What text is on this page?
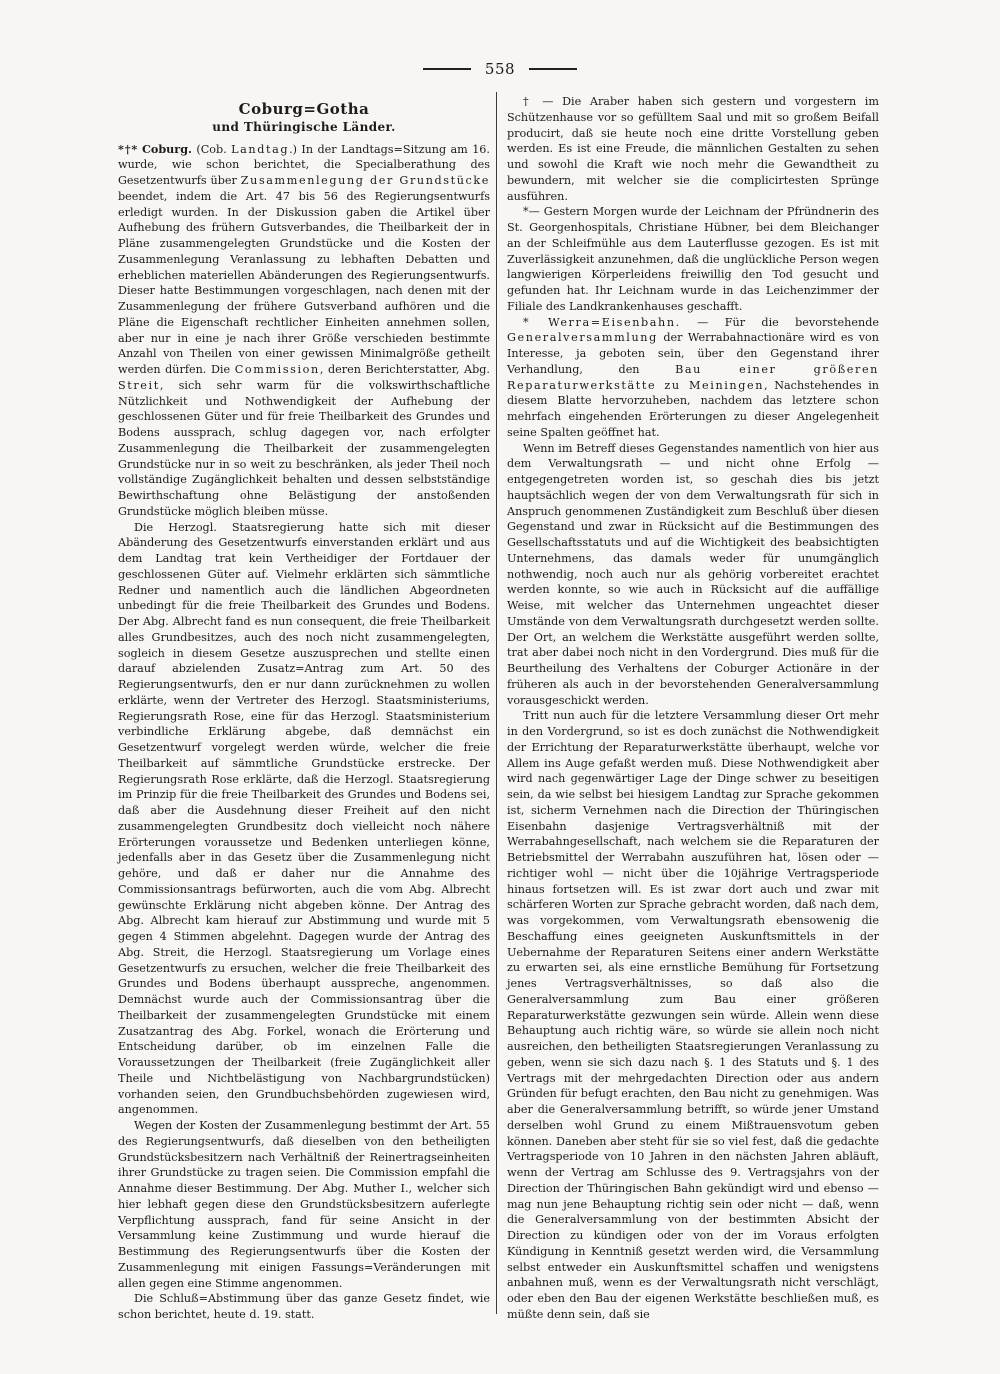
558
Coburg=Gotha
und Thüringische Länder.

*†* Coburg. (Cob. Landtag.) In der Landtags=Sitzung am 16. wurde, wie schon berichtet, die Specialberathung des Gesetzentwurfs über Zusammenlegung der Grundstücke beendet, indem die Art. 47 bis 56 des Regierungsentwurfs erledigt wurden. In der Diskussion gaben die Artikel über Aufhebung des frühern Gutsverbandes, die Theilbarkeit der in Pläne zusammengelegten Grundstücke und die Kosten der Zusammenlegung Veranlassung zu lebhaften Debatten und erheblichen materiellen Abänderungen des Regierungsentwurfs. Dieser hatte Bestimmungen vorgeschlagen, nach denen mit der Zusammenlegung der frühere Gutsverband aufhören und die Pläne die Eigenschaft rechtlicher Einheiten annehmen sollen, aber nur in eine je nach ihrer Größe verschieden bestimmte Anzahl von Theilen von einer gewissen Minimalgröße getheilt werden dürfen. Die Commission, deren Berichterstatter, Abg. Streit, sich sehr warm für die volkswirthschaftliche Nützlichkeit und Nothwendigkeit der Aufhebung der geschlossenen Güter und für freie Theilbarkeit des Grundes und Bodens aussprach, schlug dagegen vor, nach erfolgter Zusammenlegung die Theilbarkeit der zusammengelegten Grundstücke nur in so weit zu beschränken, als jeder Theil noch vollständige Zugänglichkeit behalten und dessen selbstständige Bewirthschaftung ohne Belästigung der anstoßenden Grundstücke möglich bleiben müsse.

Die Herzogl. Staatsregierung hatte sich mit dieser Abänderung des Gesetzentwurfs einverstanden erklärt und aus dem Landtag trat kein Vertheidiger der Fortdauer der geschlossenen Güter auf. Vielmehr erklärten sich sämmtliche Redner und namentlich auch die ländlichen Abgeordneten unbedingt für die freie Theilbarkeit des Grundes und Bodens. Der Abg. Albrecht fand es nun consequent, die freie Theilbarkeit alles Grundbesitzes, auch des noch nicht zusammengelegten, sogleich in diesem Gesetze auszusprechen und stellte einen darauf abzielenden Zusatz=Antrag zum Art. 50 des Regierungsentwurfs, den er nur dann zurücknehmen zu wollen erklärte, wenn der Vertreter des Herzogl. Staatsministeriums, Regierungsrath Rose, eine für das Herzogl. Staatsministerium verbindliche Erklärung abgebe, daß demnächst ein Gesetzentwurf vorgelegt werden würde, welcher die freie Theilbarkeit auf sämmtliche Grundstücke erstrecke. Der Regierungsrath Rose erklärte, daß die Herzogl. Staatsregierung im Prinzip für die freie Theilbarkeit des Grundes und Bodens sei, daß aber die Ausdehnung dieser Freiheit auf den nicht zusammengelegten Grundbesitz doch vielleicht noch nähere Erörterungen voraussetze und Bedenken unterliegen könne, jedenfalls aber in das Gesetz über die Zusammenlegung nicht gehöre, und daß er daher nur die Annahme des Commissionsantrags befürworten, auch die vom Abg. Albrecht gewünschte Erklärung nicht abgeben könne. Der Antrag des Abg. Albrecht kam hierauf zur Abstimmung und wurde mit 5 gegen 4 Stimmen abgelehnt. Dagegen wurde der Antrag des Abg. Streit, die Herzogl. Staatsregierung um Vorlage eines Gesetzentwurfs zu ersuchen, welcher die freie Theilbarkeit des Grundes und Bodens überhaupt ausspreche, angenommen. Demnächst wurde auch der Commissionsantrag über die Theilbarkeit der zusammengelegten Grundstücke mit einem Zusatzantrag des Abg. Forkel, wonach die Erörterung und Entscheidung darüber, ob im einzelnen Falle die Voraussetzungen der Theilbarkeit (freie Zugänglichkeit aller Theile und Nichtbelästigung von Nachbargrundstücken) vorhanden seien, den Grundbuchsbehörden zugewiesen wird, angenommen.

Wegen der Kosten der Zusammenlegung bestimmt der Art. 55 des Regierungsentwurfs, daß dieselben von den betheiligten Grundstücksbesitzern nach Verhältniß der Reinertragseinheiten ihrer Grundstücke zu tragen seien. Die Commission empfahl die Annahme dieser Bestimmung. Der Abg. Muther I., welcher sich hier lebhaft gegen diese den Grundstücksbesitzern auferlegte Verpflichtung aussprach, fand für seine Ansicht in der Versammlung keine Zustimmung und wurde hierauf die Bestimmung des Regierungsentwurfs über die Kosten der Zusammenlegung mit einigen Fassungs=Veränderungen mit allen gegen eine Stimme angenommen.

Die Schluß=Abstimmung über das ganze Gesetz findet, wie schon berichtet, heute d. 19. statt.

† — Die Araber haben sich gestern und vorgestern im Schützenhause vor so gefülltem Saal und mit so großem Beifall producirt, daß sie heute noch eine dritte Vorstellung geben werden. Es ist eine Freude, die männlichen Gestalten zu sehen und sowohl die Kraft wie noch mehr die Gewandtheit zu bewundern, mit welcher sie die complicirtesten Sprünge ausführen.

*— Gestern Morgen wurde der Leichnam der Pfründnerin des St. Georgenhospitals, Christiane Hübner, bei dem Bleichanger an der Schleifmühle aus dem Lauterflusse gezogen. Es ist mit Zuverlässigkeit anzunehmen, daß die unglückliche Person wegen langwierigen Körperleidens freiwillig den Tod gesucht und gefunden hat. Ihr Leichnam wurde in das Leichenzimmer der Filiale des Landkrankenhauses geschafft.

* Werra=Eisenbahn. — Für die bevorstehende Generalversammlung der Werrabahnactionäre wird es von Interesse, ja geboten sein, über den Gegenstand ihrer Verhandlung, den Bau einer größeren Reparaturwerkstätte zu Meiningen, Nachstehendes in diesem Blatte hervorzuheben, nachdem das letztere schon mehrfach eingehenden Erörterungen zu dieser Angelegenheit seine Spalten geöffnet hat.

Wenn im Betreff dieses Gegenstandes namentlich von hier aus dem Verwaltungsrath — und nicht ohne Erfolg — entgegengetreten worden ist, so geschah dies bis jetzt hauptsächlich wegen der von dem Verwaltungsrath für sich in Anspruch genommenen Zuständigkeit zum Beschluß über diesen Gegenstand und zwar in Rücksicht auf die Bestimmungen des Gesellschaftsstatuts und auf die Wichtigkeit des beabsichtigten Unternehmens, das damals weder für unumgänglich nothwendig, noch auch nur als gehörig vorbereitet erachtet werden konnte, so wie auch in Rücksicht auf die auffällige Weise, mit welcher das Unternehmen ungeachtet dieser Umstände von dem Verwaltungsrath durchgesetzt werden sollte. Der Ort, an welchem die Werkstätte ausgeführt werden sollte, trat aber dabei noch nicht in den Vordergrund. Dies muß für die Beurtheilung des Verhaltens der Coburger Actionäre in der früheren als auch in der bevorstehenden Generalversammlung vorausgeschickt werden.

Tritt nun auch für die letztere Versammlung dieser Ort mehr in den Vordergrund, so ist es doch zunächst die Nothwendigkeit der Errichtung der Reparaturwerkstätte überhaupt, welche vor Allem ins Auge gefaßt werden muß. Diese Nothwendigkeit aber wird nach gegenwärtiger Lage der Dinge schwer zu beseitigen sein, da wie selbst bei hiesigem Landtag zur Sprache gekommen ist, sicherm Vernehmen nach die Direction der Thüringischen Eisenbahn dasjenige Vertragsverhältniß mit der Werrabahngesellschaft, nach welchem sie die Reparaturen der Betriebsmittel der Werrabahn auszuführen hat, lösen oder — richtiger wohl — nicht über die 10jährige Vertragsperiode hinaus fortsetzen will. Es ist zwar dort auch und zwar mit schärferen Worten zur Sprache gebracht worden, daß nach dem, was vorgekommen, vom Verwaltungsrath ebensowenig die Beschaffung eines geeigneten Auskunftsmittels in der Uebernahme der Reparaturen Seitens einer andern Werkstätte zu erwarten sei, als eine ernstliche Bemühung für Fortsetzung jenes Vertragsverhältnisses, so daß also die Generalversammlung zum Bau einer größeren Reparaturwerkstätte gezwungen sein würde. Allein wenn diese Behauptung auch richtig wäre, so würde sie allein noch nicht ausreichen, den betheiligten Staatsregierungen Veranlassung zu geben, wenn sie sich dazu nach §. 1 des Statuts und §. 1 des Vertrags mit der mehrgedachten Direction oder aus andern Gründen für befugt erachten, den Bau nicht zu genehmigen. Was aber die Generalversammlung betrifft, so würde jener Umstand derselben wohl Grund zu einem Mißtrauensvotum geben können. Daneben aber steht für sie so viel fest, daß die gedachte Vertragsperiode von 10 Jahren in den nächsten Jahren abläuft, wenn der Vertrag am Schlusse des 9. Vertragsjahrs von der Direction der Thüringischen Bahn gekündigt wird und ebenso — mag nun jene Behauptung richtig sein oder nicht — daß, wenn die Generalversammlung von der bestimmten Absicht der Direction zu kündigen oder von der im Voraus erfolgten Kündigung in Kenntniß gesetzt werden wird, die Versammlung selbst entweder ein Auskunftsmittel schaffen und wenigstens anbahnen muß, wenn es der Verwaltungsrath nicht verschlägt, oder eben den Bau der eigenen Werkstätte beschließen muß, es müßte denn sein, daß sie
